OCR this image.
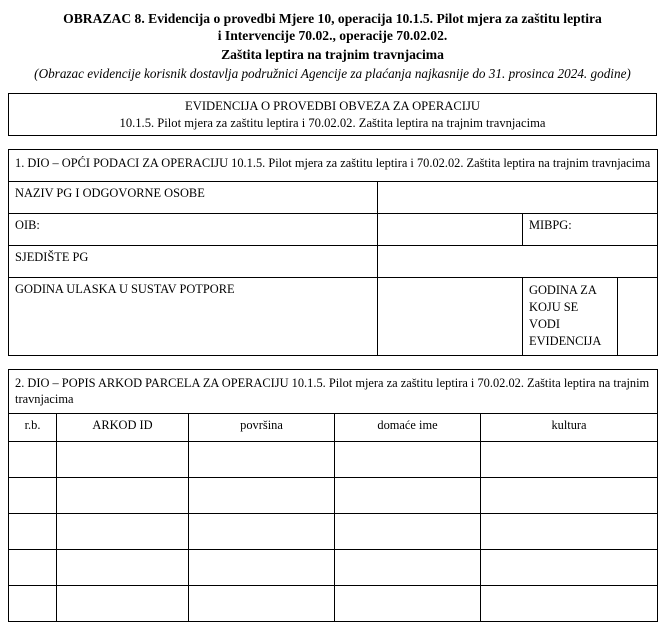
OBRAZAC 8. Evidencija o provedbi Mjere 10, operacija 10.1.5. Pilot mjera za zaštitu leptira
i Intervencije 70.02., operacije 70.02.02.
Zaštita leptira na trajnim travnjacima
(Obrazac evidencije korisnik dostavlja podružnici Agencije za plaćanja najkasnije do 31. prosinca 2024. godine)
EVIDENCIJA O PROVEDBI OBVEZA ZA OPERACIJU
10.1.5. Pilot mjera za zaštitu leptira i 70.02.02. Zaštita leptira na trajnim travnjacima
1. DIO – OPĆI PODACI ZA OPERACIJU 10.1.5. Pilot mjera za zaštitu leptira i 70.02.02. Zaštita leptira na trajnim travnjacima			
NAZIV PG I ODGOVORNE OSOBE			
OIB:		MIBPG:	
SJEDIŠTE PG			
GODINA ULASKA U SUSTAV POTPORE		GODINA ZA KOJU SE VODI EVIDENCIJA	
2. DIO – POPIS ARKOD PARCELA ZA OPERACIJU 10.1.5. Pilot mjera za zaštitu leptira i 70.02.02. Zaštita leptira na trajnim travnjacima				
r.b.	ARKOD ID	površina	domaće ime	kultura
